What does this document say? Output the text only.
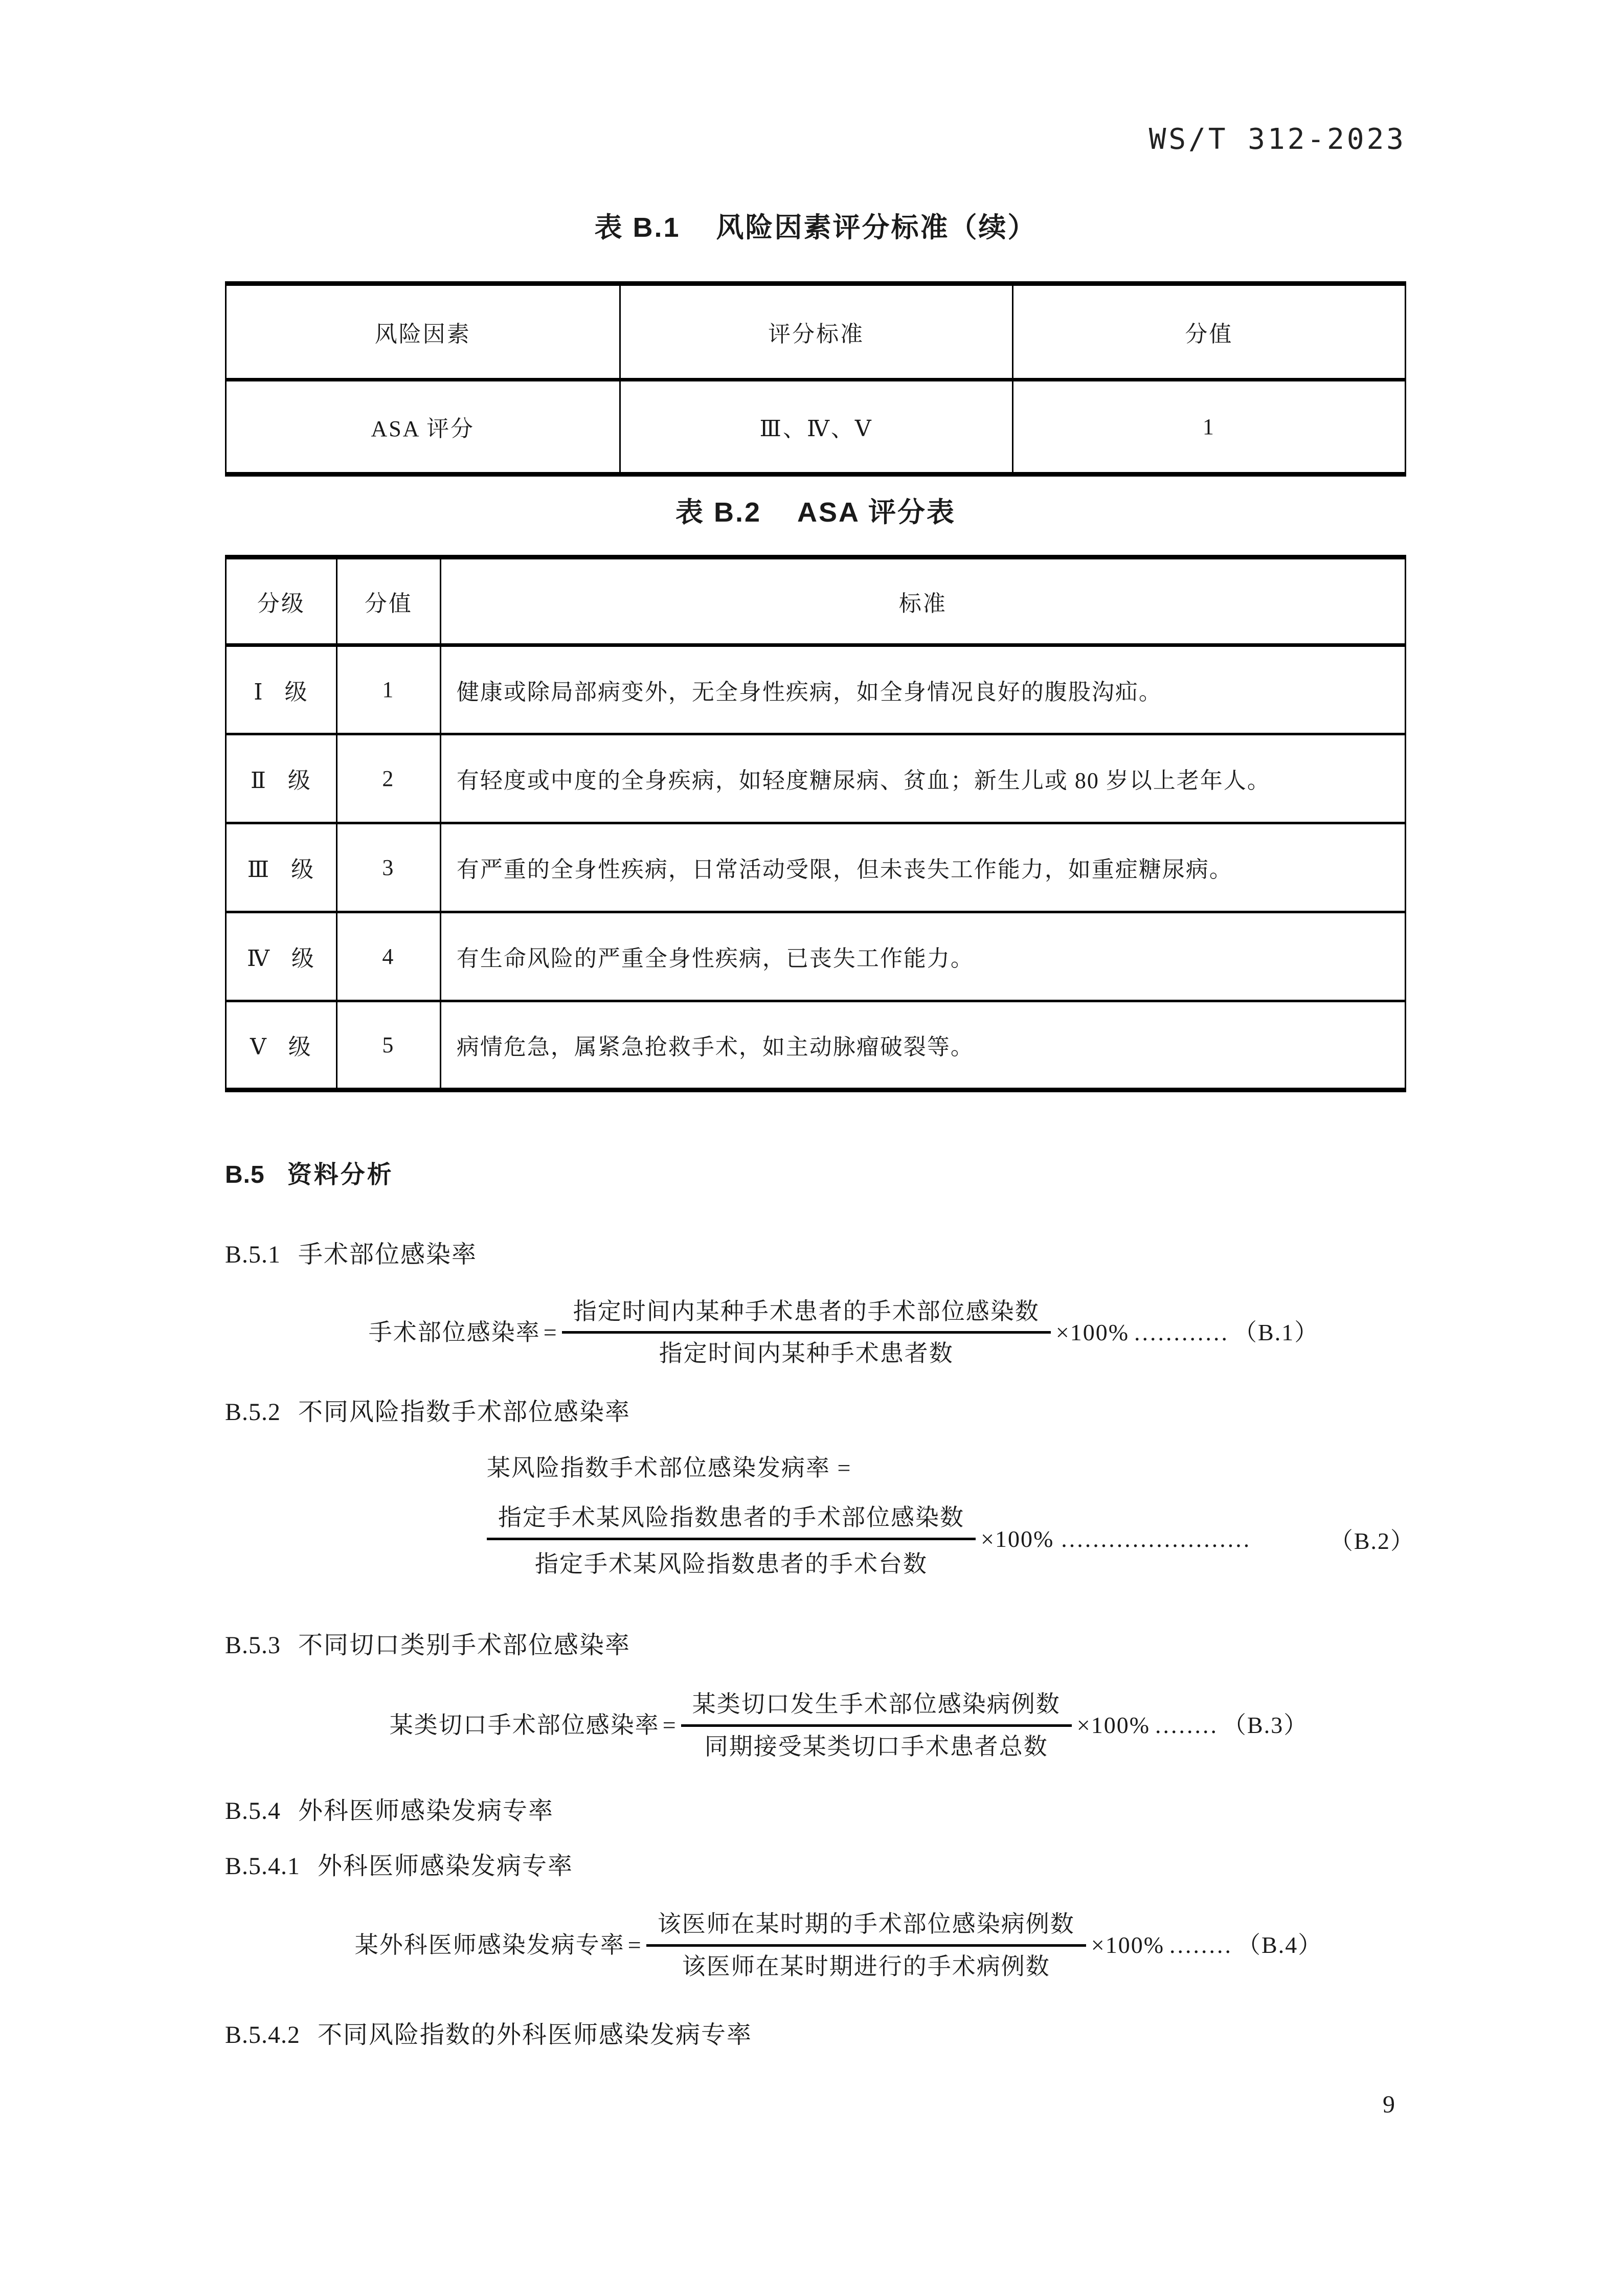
WS/T 312-2023
表 B.1 风险因素评分标准（续）
风险因素	评分标准	分值
ASA 评分	Ⅲ、Ⅳ、Ⅴ	1
表 B.2 ASA 评分表
分级	分值	标准
Ⅰ 级	1	健康或除局部病变外，无全身性疾病，如全身情况良好的腹股沟疝。
Ⅱ 级	2	有轻度或中度的全身疾病，如轻度糖尿病、贫血；新生儿或 80 岁以上老年人。
Ⅲ 级	3	有严重的全身性疾病，日常活动受限，但未丧失工作能力，如重症糖尿病。
Ⅳ 级	4	有生命风险的严重全身性疾病，已丧失工作能力。
Ⅴ 级	5	病情危急，属紧急抢救手术，如主动脉瘤破裂等。
B.5 资料分析
B.5.1 手术部位感染率
手术部位感染率 = $\frac{\text{指定时间内某种手术患者的手术部位感染数}}{\text{指定时间内某种手术患者数}} \times 100\%$ ............ （B.1）
B.5.2 不同风险指数手术部位感染率
某风险指数手术部位感染发病率 =
$\frac{\text{指定手术某风险指数患者的手术部位感染数}}{\text{指定手术某风险指数患者的手术台数}} \times 100\%$ ........................	（B.2）
B.5.3 不同切口类别手术部位感染率
某类切口手术部位感染率 = $\frac{\text{某类切口发生手术部位感染病例数}}{\text{同期接受某类切口手术患者总数}} \times 100\%$ ........ （B.3）
B.5.4 外科医师感染发病专率
B.5.4.1 外科医师感染发病专率
某外科医师感染发病专率 = $\frac{\text{该医师在某时期的手术部位感染病例数}}{\text{该医师在某时期进行的手术病例数}} \times 100\%$ ........ （B.4）
B.5.4.2 不同风险指数的外科医师感染发病专率
9
